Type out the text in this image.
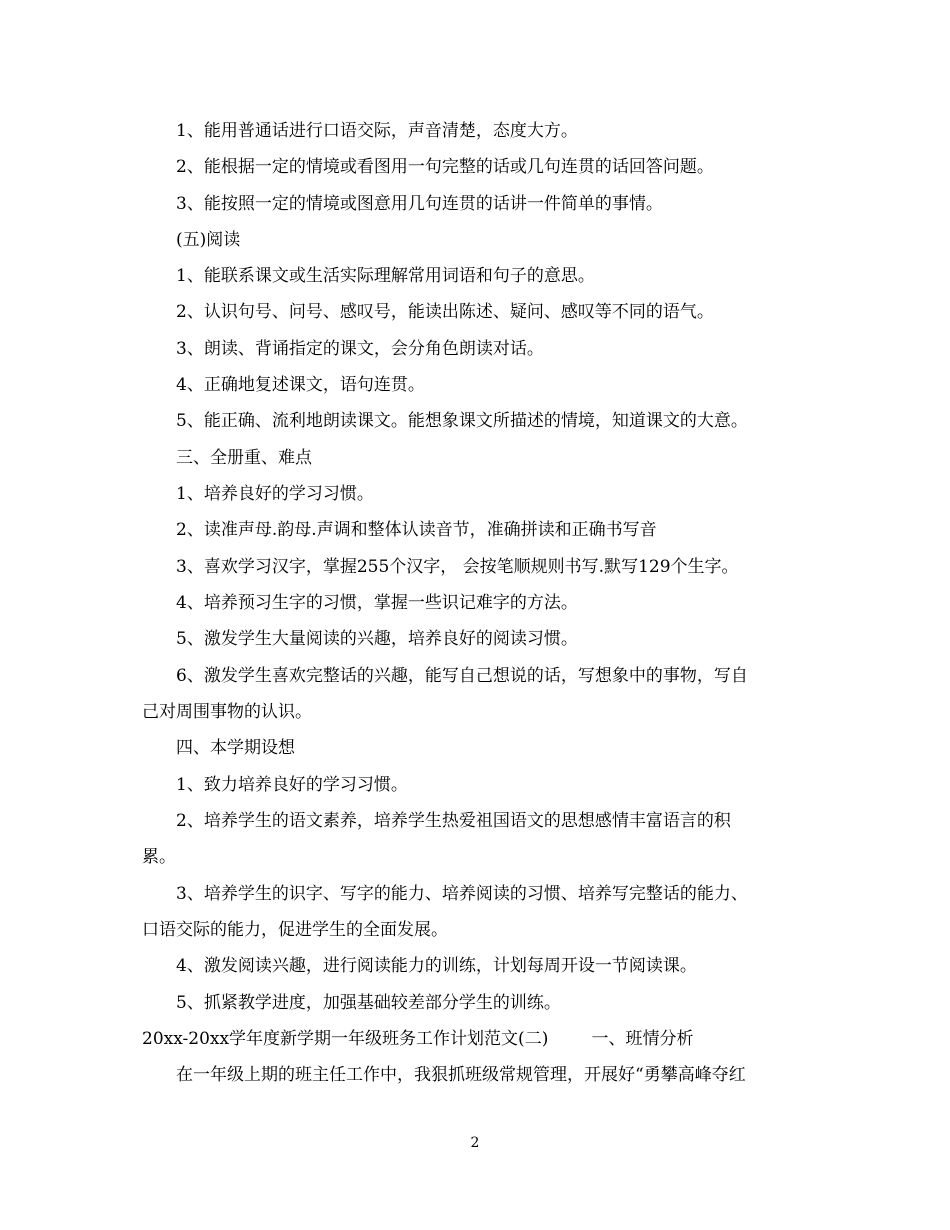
1、能用普通话进行口语交际，声音清楚，态度大方。
2、能根据一定的情境或看图用一句完整的话或几句连贯的话回答问题。
3、能按照一定的情境或图意用几句连贯的话讲一件简单的事情。
(五)阅读
1、能联系课文或生活实际理解常用词语和句子的意思。
2、认识句号、问号、感叹号，能读出陈述、疑问、感叹等不同的语气。
3、朗读、背诵指定的课文，会分角色朗读对话。
4、正确地复述课文，语句连贯。
5、能正确、流利地朗读课文。能想象课文所描述的情境，知道课文的大意。
三、全册重、难点
1、培养良好的学习习惯。
2、读准声母.韵母.声调和整体认读音节，准确拼读和正确书写音
3、喜欢学习汉字，掌握255个汉字， 会按笔顺规则书写.默写129个生字。
4、培养预习生字的习惯，掌握一些识记难字的方法。
5、激发学生大量阅读的兴趣，培养良好的阅读习惯。
6、激发学生喜欢完整话的兴趣，能写自己想说的话，写想象中的事物，写自
己对周围事物的认识。
四、本学期设想
1、致力培养良好的学习习惯。
2、培养学生的语文素养，培养学生热爱祖国语文的思想感情丰富语言的积
累。
3、培养学生的识字、写字的能力、培养阅读的习惯、培养写完整话的能力、
口语交际的能力，促进学生的全面发展。
4、激发阅读兴趣，进行阅读能力的训练，计划每周开设一节阅读课。
5、抓紧教学进度，加强基础较差部分学生的训练。
20xx-20xx学年度新学期一年级班务工作计划范文(二)        一、班情分析
在一年级上期的班主任工作中，我狠抓班级常规管理，开展好“勇攀高峰夺红
2
